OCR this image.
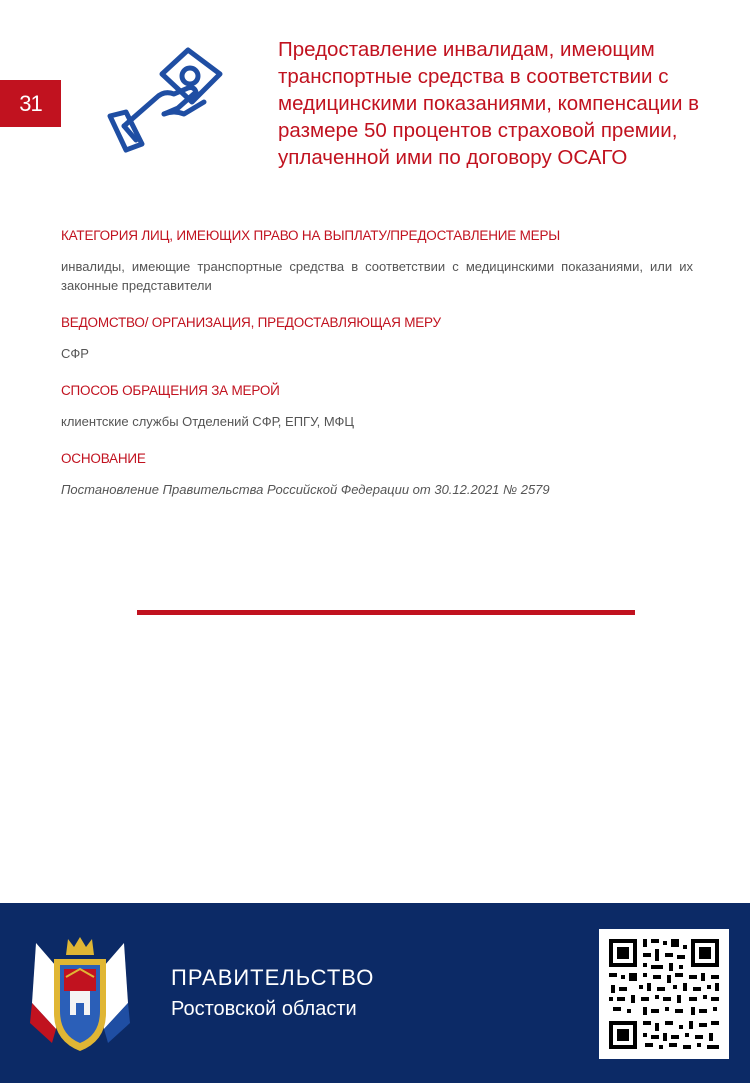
31
Предоставление инвалидам, имеющим транспортные средства в соответствии с медицинскими показаниями, компенсации в размере 50 процентов страховой премии, уплаченной ими по договору ОСАГО
КАТЕГОРИЯ ЛИЦ, ИМЕЮЩИХ ПРАВО НА ВЫПЛАТУ/ПРЕДОСТАВЛЕНИЕ МЕРЫ

инвалиды, имеющие транспортные средства в соответствии с медицинскими показаниями, или их законные представители

ВЕДОМСТВО/ ОРГАНИЗАЦИЯ, ПРЕДОСТАВЛЯЮЩАЯ МЕРУ

СФР

СПОСОБ ОБРАЩЕНИЯ ЗА МЕРОЙ

клиентские службы Отделений СФР, ЕПГУ, МФЦ

ОСНОВАНИЕ

Постановление Правительства Российской Федерации от 30.12.2021 № 2579

ПРАВИТЕЛЬСТВО
Ростовской области
